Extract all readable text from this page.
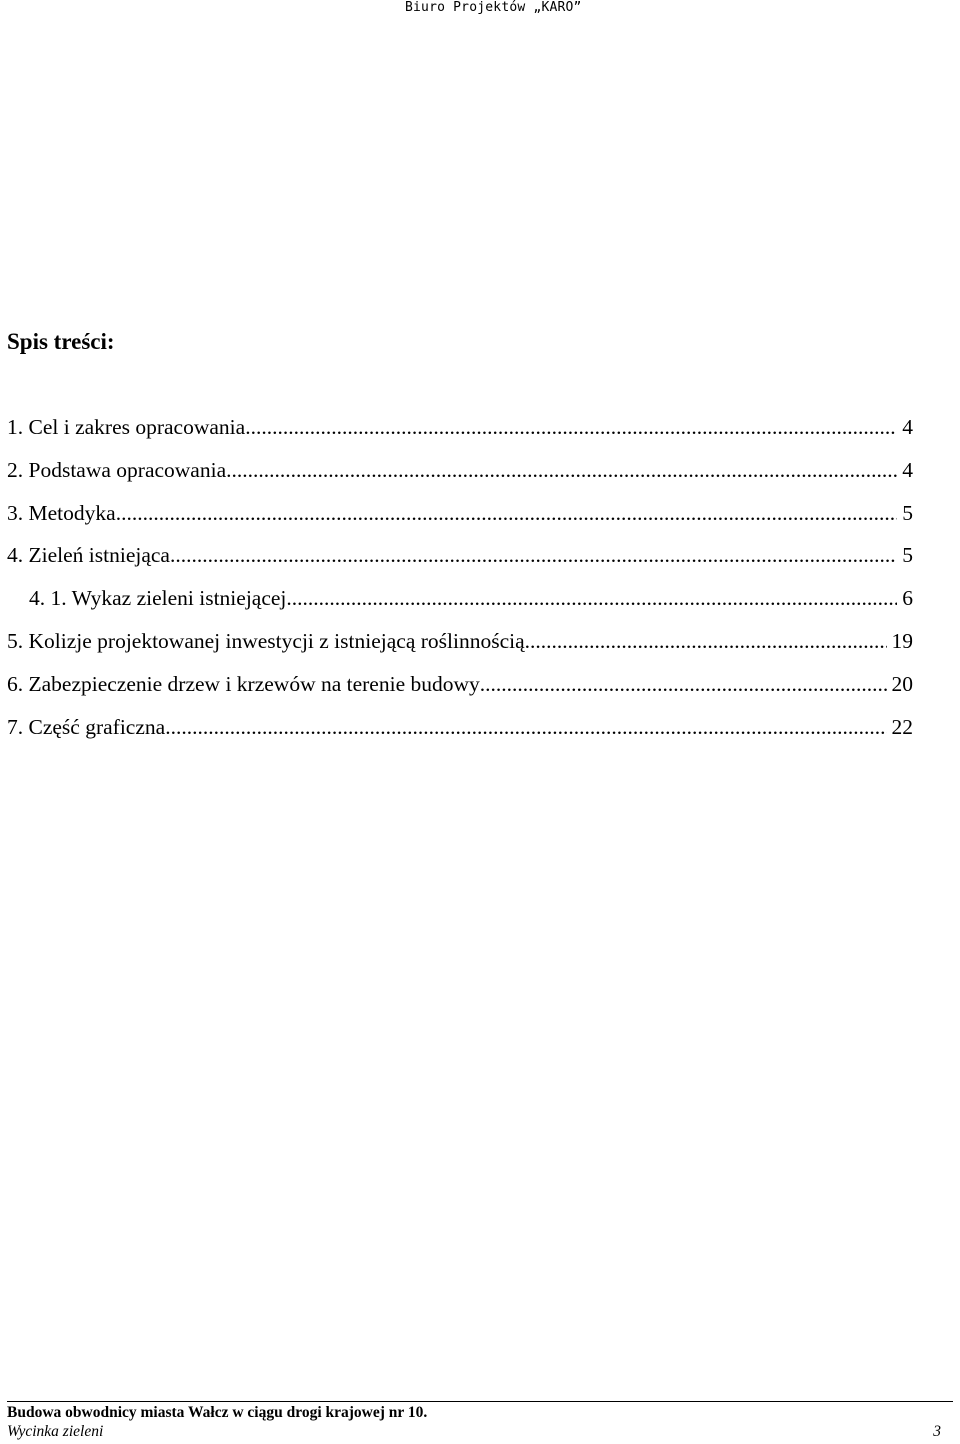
Biuro Projektów „KARO”
Spis treści:
1. Cel i zakres opracowania .....	4
2. Podstawa opracowania .....	4
3. Metodyka .....	5
4. Zieleń istniejąca .....	5
4. 1. Wykaz zieleni istniejącej .....	6
5. Kolizje projektowanej inwestycji z istniejącą roślinnością .....	19
6. Zabezpieczenie drzew i krzewów na terenie budowy .....	20
7. Część graficzna .....	22
Budowa obwodnicy miasta Wałcz w ciągu drogi krajowej nr 10.
Wycinka zieleni	3
